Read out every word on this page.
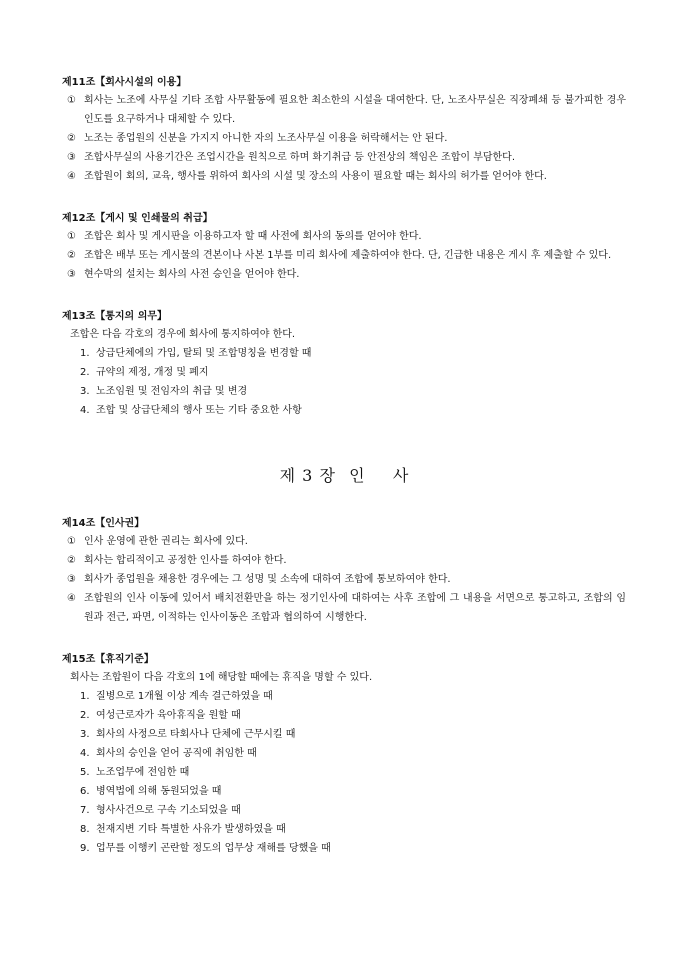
제11조【회사시설의 이용】
① 회사는 노조에 사무실 기타 조합 사무활동에 필요한 최소한의 시설을 대여한다. 단, 노조사무실은 직장폐쇄 등 불가피한 경우 인도를 요구하거나 대체할 수 있다.
② 노조는 종업원의 신분을 가지지 아니한 자의 노조사무실 이용을 허락해서는 안 된다.
③ 조합사무실의 사용기간은 조업시간을 원칙으로 하며 화기취급 등 안전상의 책임은 조합이 부담한다.
④ 조합원이 회의, 교육, 행사를 위하여 회사의 시설 및 장소의 사용이 필요할 때는 회사의 허가를 얻어야 한다.
제12조【게시 및 인쇄물의 취급】
① 조합은 회사 및 게시판을 이용하고자 할 때 사전에 회사의 동의를 얻어야 한다.
② 조합은 배부 또는 게시물의 견본이나 사본 1부를 미리 회사에 제출하여야 한다. 단, 긴급한 내용은 게시 후 제출할 수 있다.
③ 현수막의 설치는 회사의 사전 승인을 얻어야 한다.
제13조【통지의 의무】
조합은 다음 각호의 경우에 회사에 통지하여야 한다.
1. 상급단체에의 가입, 탈퇴 및 조합명칭을 변경할 때
2. 규약의 제정, 개정 및 폐지
3. 노조임원 및 전임자의 취급 및 변경
4. 조합 및 상급단체의 행사 또는 기타 중요한 사항
제 3 장  인    사
제14조【인사권】
① 인사 운영에 관한 권리는 회사에 있다.
② 회사는 합리적이고 공정한 인사를 하여야 한다.
③ 회사가 종업원을 채용한 경우에는 그 성명 및 소속에 대하여 조합에 통보하여야 한다.
④ 조합원의 인사 이동에 있어서 배치전환만을 하는 정기인사에 대하여는 사후 조합에 그 내용을 서면으로 통고하고, 조합의 임원과 전근, 파면, 이적하는 인사이동은 조합과 협의하여 시행한다.
제15조【휴직기준】
회사는 조합원이 다음 각호의 1에 해당할 때에는 휴직을 명할 수 있다.
1. 질병으로 1개월 이상 계속 결근하였을 때
2. 여성근로자가 육아휴직을 원할 때
3. 회사의 사정으로 타회사나 단체에 근무시킬 때
4. 회사의 승인을 얻어 공직에 취임한 때
5. 노조업무에 전임한 때
6. 병역법에 의해 동원되었을 때
7. 형사사건으로 구속 기소되었을 때
8. 천재지변 기타 특별한 사유가 발생하였을 때
9. 업무를 이행키 곤란할 정도의 업무상 재해를 당했을 때
